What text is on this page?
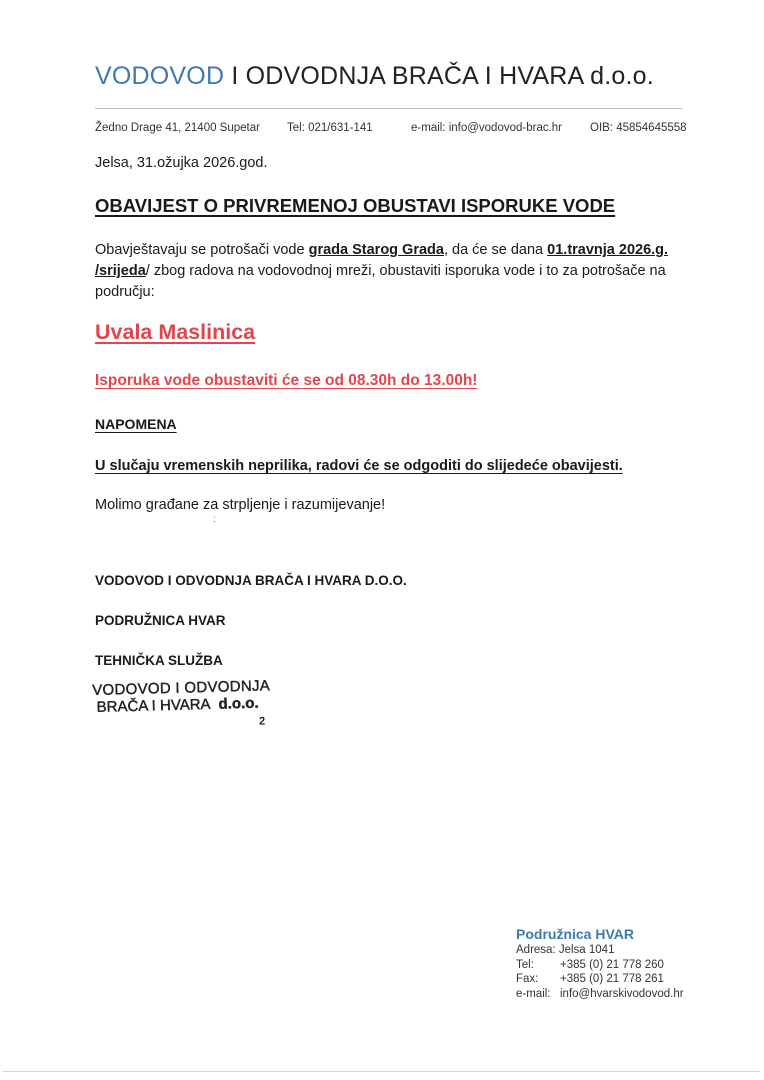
VODOVOD I ODVODNJA BRAČA I HVARA d.o.o.
Žedno Drage 41, 21400 Supetar Tel: 021/631-141	e-mail: info@vodovod-brac.hr OIB: 45854645558
Jelsa, 31.ožujka 2026.god.
OBAVIJEST O PRIVREMENOJ OBUSTAVI ISPORUKE VODE
Obavještavaju se potrošači vode grada Starog Grada, da će se dana 01.travnja 2026.g. /srijeda/ zbog radova na vodovodnoj mreži, obustaviti isporuka vode i to za potrošače na području:
Uvala Maslinica
Isporuka vode obustaviti će se od 08.30h do 13.00h!
NAPOMENA
U slučaju vremenskih neprilika, radovi će se odgoditi do slijedeće obavijesti.
Molimo građane za strpljenje i razumijevanje!
:
VODOVOD I ODVODNJA BRAČA I HVARA D.O.O.
PODRUŽNICA HVAR
TEHNIČKA SLUŽBA
VODOVOD I ODVODNJA
BRAČA I HVARA d.o.o.
2
Podružnica HVAR
Adresa: Jelsa 1041
Tel: +385 (0) 21 778 260
Fax: +385 (0) 21 778 261
e-mail: info@hvarskivodovod.hr
